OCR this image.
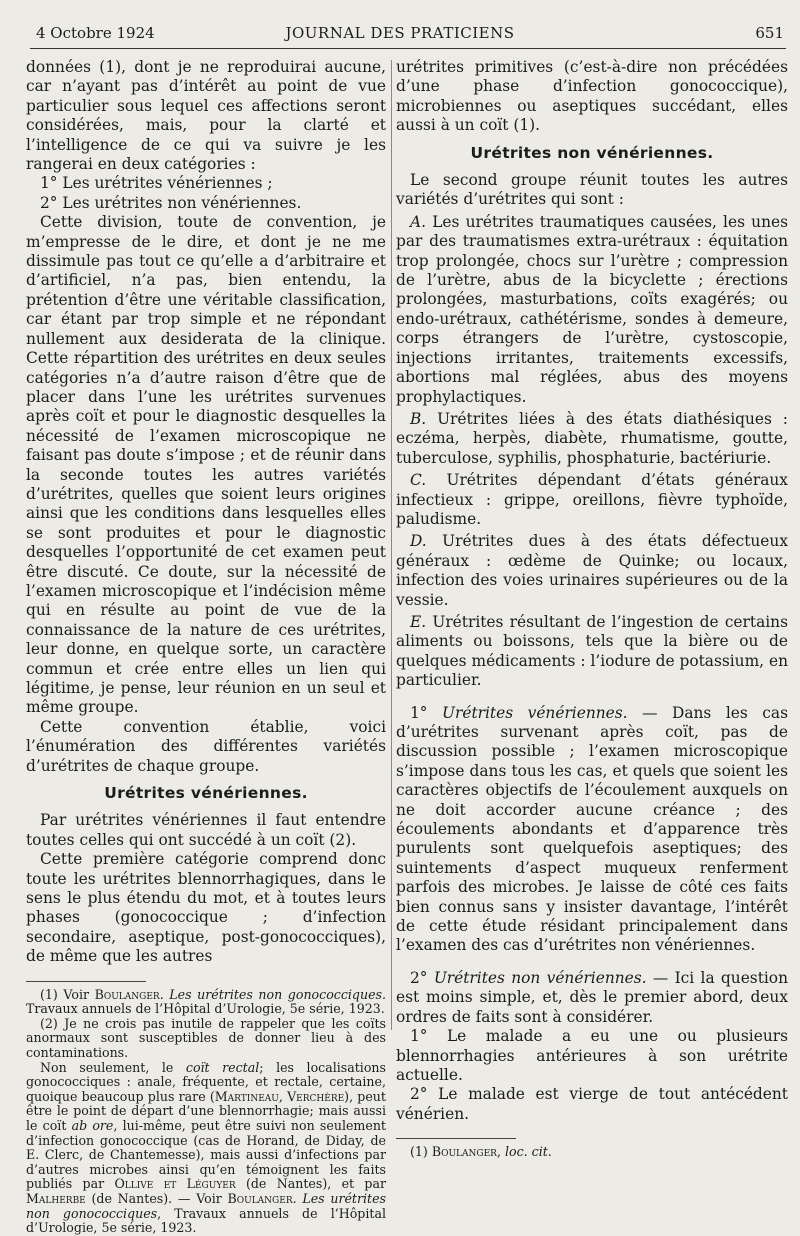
4 Octobre 1924	JOURNAL DES PRATICIENS	651

données (1), dont je ne reproduirai aucune, car n’ayant pas d’intérêt au point de vue particulier sous lequel ces affections seront considérées, mais, pour la clarté et l’intelligence de ce qui va suivre je les rangerai en deux catégories :

1° Les urétrites vénériennes ;

2° Les urétrites non vénériennes.

Cette division, toute de convention, je m’empresse de le dire, et dont je ne me dissimule pas tout ce qu’elle a d’arbitraire et d’artificiel, n’a pas, bien entendu, la prétention d’être une véritable classification, car étant par trop simple et ne répondant nullement aux desiderata de la clinique. Cette répartition des urétrites en deux seules catégories n’a d’autre raison d’être que de placer dans l’une les urétrites survenues après coït et pour le diagnostic desquelles la nécessité de l’examen microscopique ne faisant pas doute s’impose ; et de réunir dans la seconde toutes les autres variétés d’urétrites, quelles que soient leurs origines ainsi que les conditions dans lesquelles elles se sont produites et pour le diagnostic desquelles l’opportunité de cet examen peut être discuté. Ce doute, sur la nécessité de l’examen microscopique et l’indécision même qui en résulte au point de vue de la connaissance de la nature de ces urétrites, leur donne, en quelque sorte, un caractère commun et crée entre elles un lien qui légitime, je pense, leur réunion en un seul et même groupe.

Cette convention établie, voici l’énumération des différentes variétés d’urétrites de chaque groupe.

Urétrites vénériennes.

Par urétrites vénériennes il faut entendre toutes celles qui ont succédé à un coït (2).

Cette première catégorie comprend donc toute les urétrites blennorrhagiques, dans le sens le plus étendu du mot, et à toutes leurs phases (gonococcique ; d’infection secondaire, aseptique, post-gonococciques), de même que les autres

(1) Voir Boulanger. Les urétrites non gonococciques. Travaux annuels de l’Hôpital d’Urologie, 5e série, 1923.

(2) Je ne crois pas inutile de rappeler que les coïts anormaux sont susceptibles de donner lieu à des contaminations.

Non seulement, le coït rectal; les localisations gonococciques : anale, fréquente, et rectale, certaine, quoique beaucoup plus rare (Martineau, Verchère), peut être le point de départ d’une blennorrhagie; mais aussi le coït ab ore, lui-même, peut être suivi non seulement d’infection gonococcique (cas de Horand, de Diday, de E. Clerc, de Chantemesse), mais aussi d’infections par d’autres microbes ainsi qu’en témoignent les faits publiés par Ollive et Léguyer (de Nantes), et par Malherbe (de Nantes). — Voir Boulanger. Les urétrites non gonococciques, Travaux annuels de l’Hôpital d’Urologie, 5e série, 1923.

urétrites primitives (c’est-à-dire non précédées d’une phase d’infection gonococcique), microbiennes ou aseptiques succédant, elles aussi à un coït (1).

Urétrites non vénériennes.

Le second groupe réunit toutes les autres variétés d’urétrites qui sont :

A. Les urétrites traumatiques causées, les unes par des traumatismes extra-urétraux : équitation trop prolongée, chocs sur l’urètre ; compression de l’urètre, abus de la bicyclette ; érections prolongées, masturbations, coïts exagérés; ou endo-urétraux, cathétérisme, sondes à demeure, corps étrangers de l’urètre, cystoscopie, injections irritantes, traitements excessifs, abortions mal réglées, abus des moyens prophylactiques.

B. Urétrites liées à des états diathésiques : eczéma, herpès, diabète, rhumatisme, goutte, tuberculose, syphilis, phosphaturie, bactériurie.

C. Urétrites dépendant d’états généraux infectieux : grippe, oreillons, fièvre typhoïde, paludisme.

D. Urétrites dues à des états défectueux généraux : œdème de Quinke; ou locaux, infection des voies urinaires supérieures ou de la vessie.

E. Urétrites résultant de l’ingestion de certains aliments ou boissons, tels que la bière ou de quelques médicaments : l’iodure de potassium, en particulier.

1° Urétrites vénériennes. — Dans les cas d’urétrites survenant après coït, pas de discussion possible ; l’examen microscopique s’impose dans tous les cas, et quels que soient les caractères objectifs de l’écoulement auxquels on ne doit accorder aucune créance ; des écoulements abondants et d’apparence très purulents sont quelquefois aseptiques; des suintements d’aspect muqueux renferment parfois des microbes. Je laisse de côté ces faits bien connus sans y insister davantage, l’intérêt de cette étude résidant principalement dans l’examen des cas d’urétrites non vénériennes.

2° Urétrites non vénériennes. — Ici la question est moins simple, et, dès le premier abord, deux ordres de faits sont à considérer.

1° Le malade a eu une ou plusieurs blennorrhagies antérieures à son urétrite actuelle.

2° Le malade est vierge de tout antécédent vénérien.

(1) Boulanger, loc. cit.
